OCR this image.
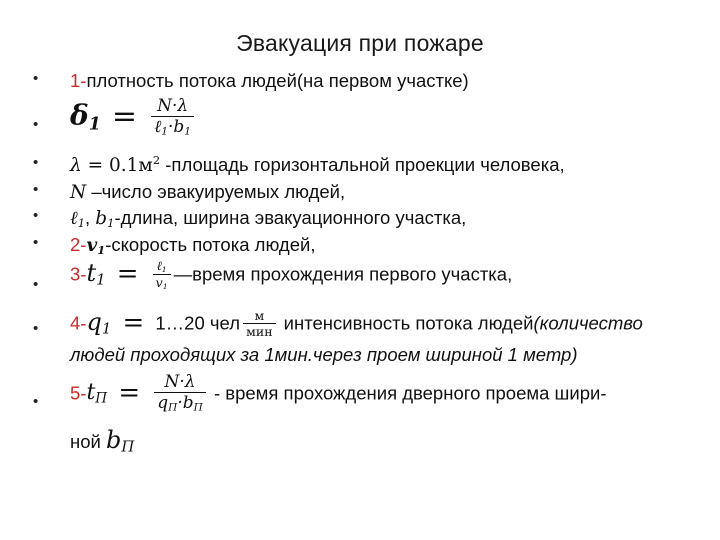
Эвакуация при пожаре
• 1-плотность потока людей(на первом участке)
• $\delta_1 = \frac{N\cdot\lambda}{\ell_1\cdot b_1}$
• $\lambda = 0.1м^2$ -площадь горизонтальной проекции человека,
• N –число эвакуируемых людей,
• ℓ$_1$, $b_1$-длина, ширина эвакуационного участка,
• $2-v_1$-скорость потока людей,
• $3-t_1 = \frac{\ell_1}{v_1}$ —время прохождения первого участка,
• $4-q_1$ = 1…20 чел $\frac{м}{\text{мин}}$ интенсивность потока людей(количество
людей проходящих за 1мин.через проем шириной 1 метр)
• $5-t_П = \frac{N\cdot\lambda}{q_П\cdot b_П}$ - время прохождения дверного проема шири-
ной $b_П$
